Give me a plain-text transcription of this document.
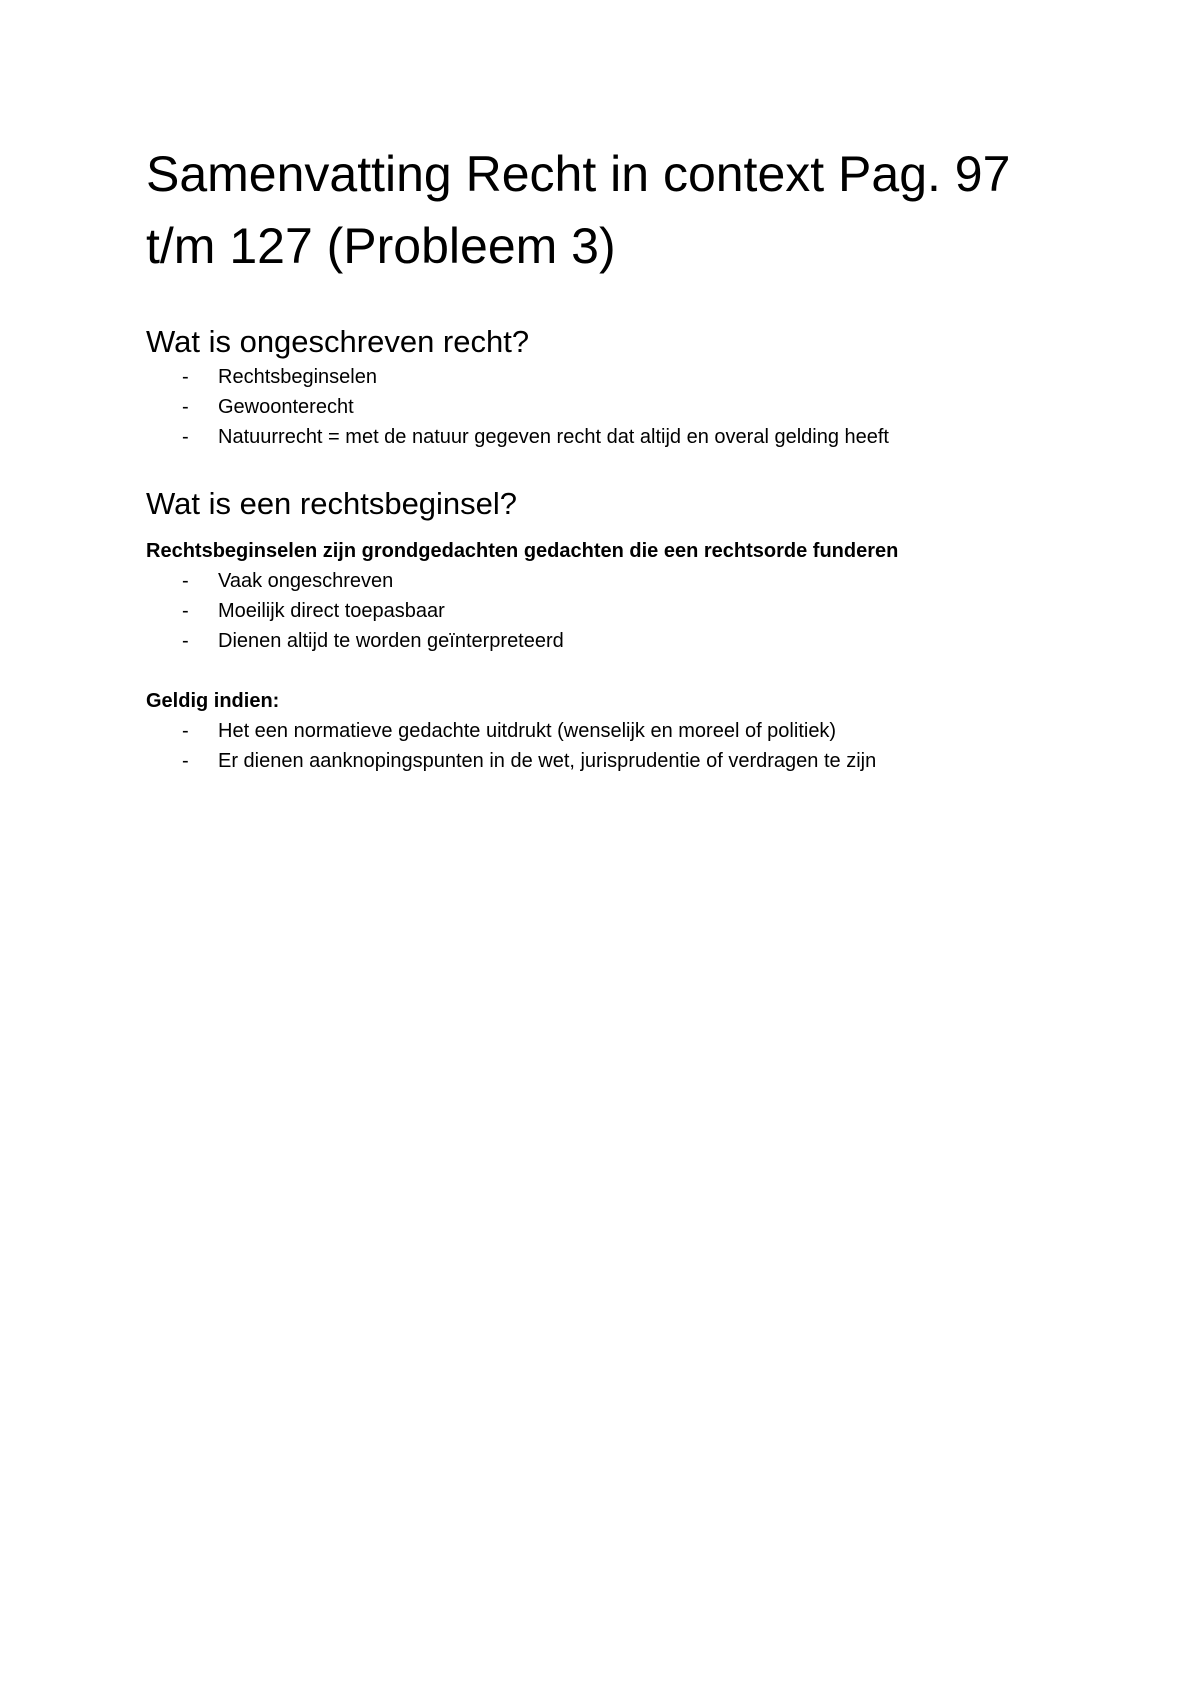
Samenvatting Recht in context Pag. 97 t/m 127 (Probleem 3)
Wat is ongeschreven recht?
- Rechtsbeginselen
- Gewoonterecht
- Natuurrecht = met de natuur gegeven recht dat altijd en overal gelding heeft
Wat is een rechtsbeginsel?

Rechtsbeginselen zijn grondgedachten gedachten die een rechtsorde funderen

- Vaak ongeschreven
- Moeilijk direct toepasbaar
- Dienen altijd te worden geïnterpreteerd

Geldig indien:

- Het een normatieve gedachte uitdrukt (wenselijk en moreel of politiek)
- Er dienen aanknopingspunten in de wet, jurisprudentie of verdragen te zijn
